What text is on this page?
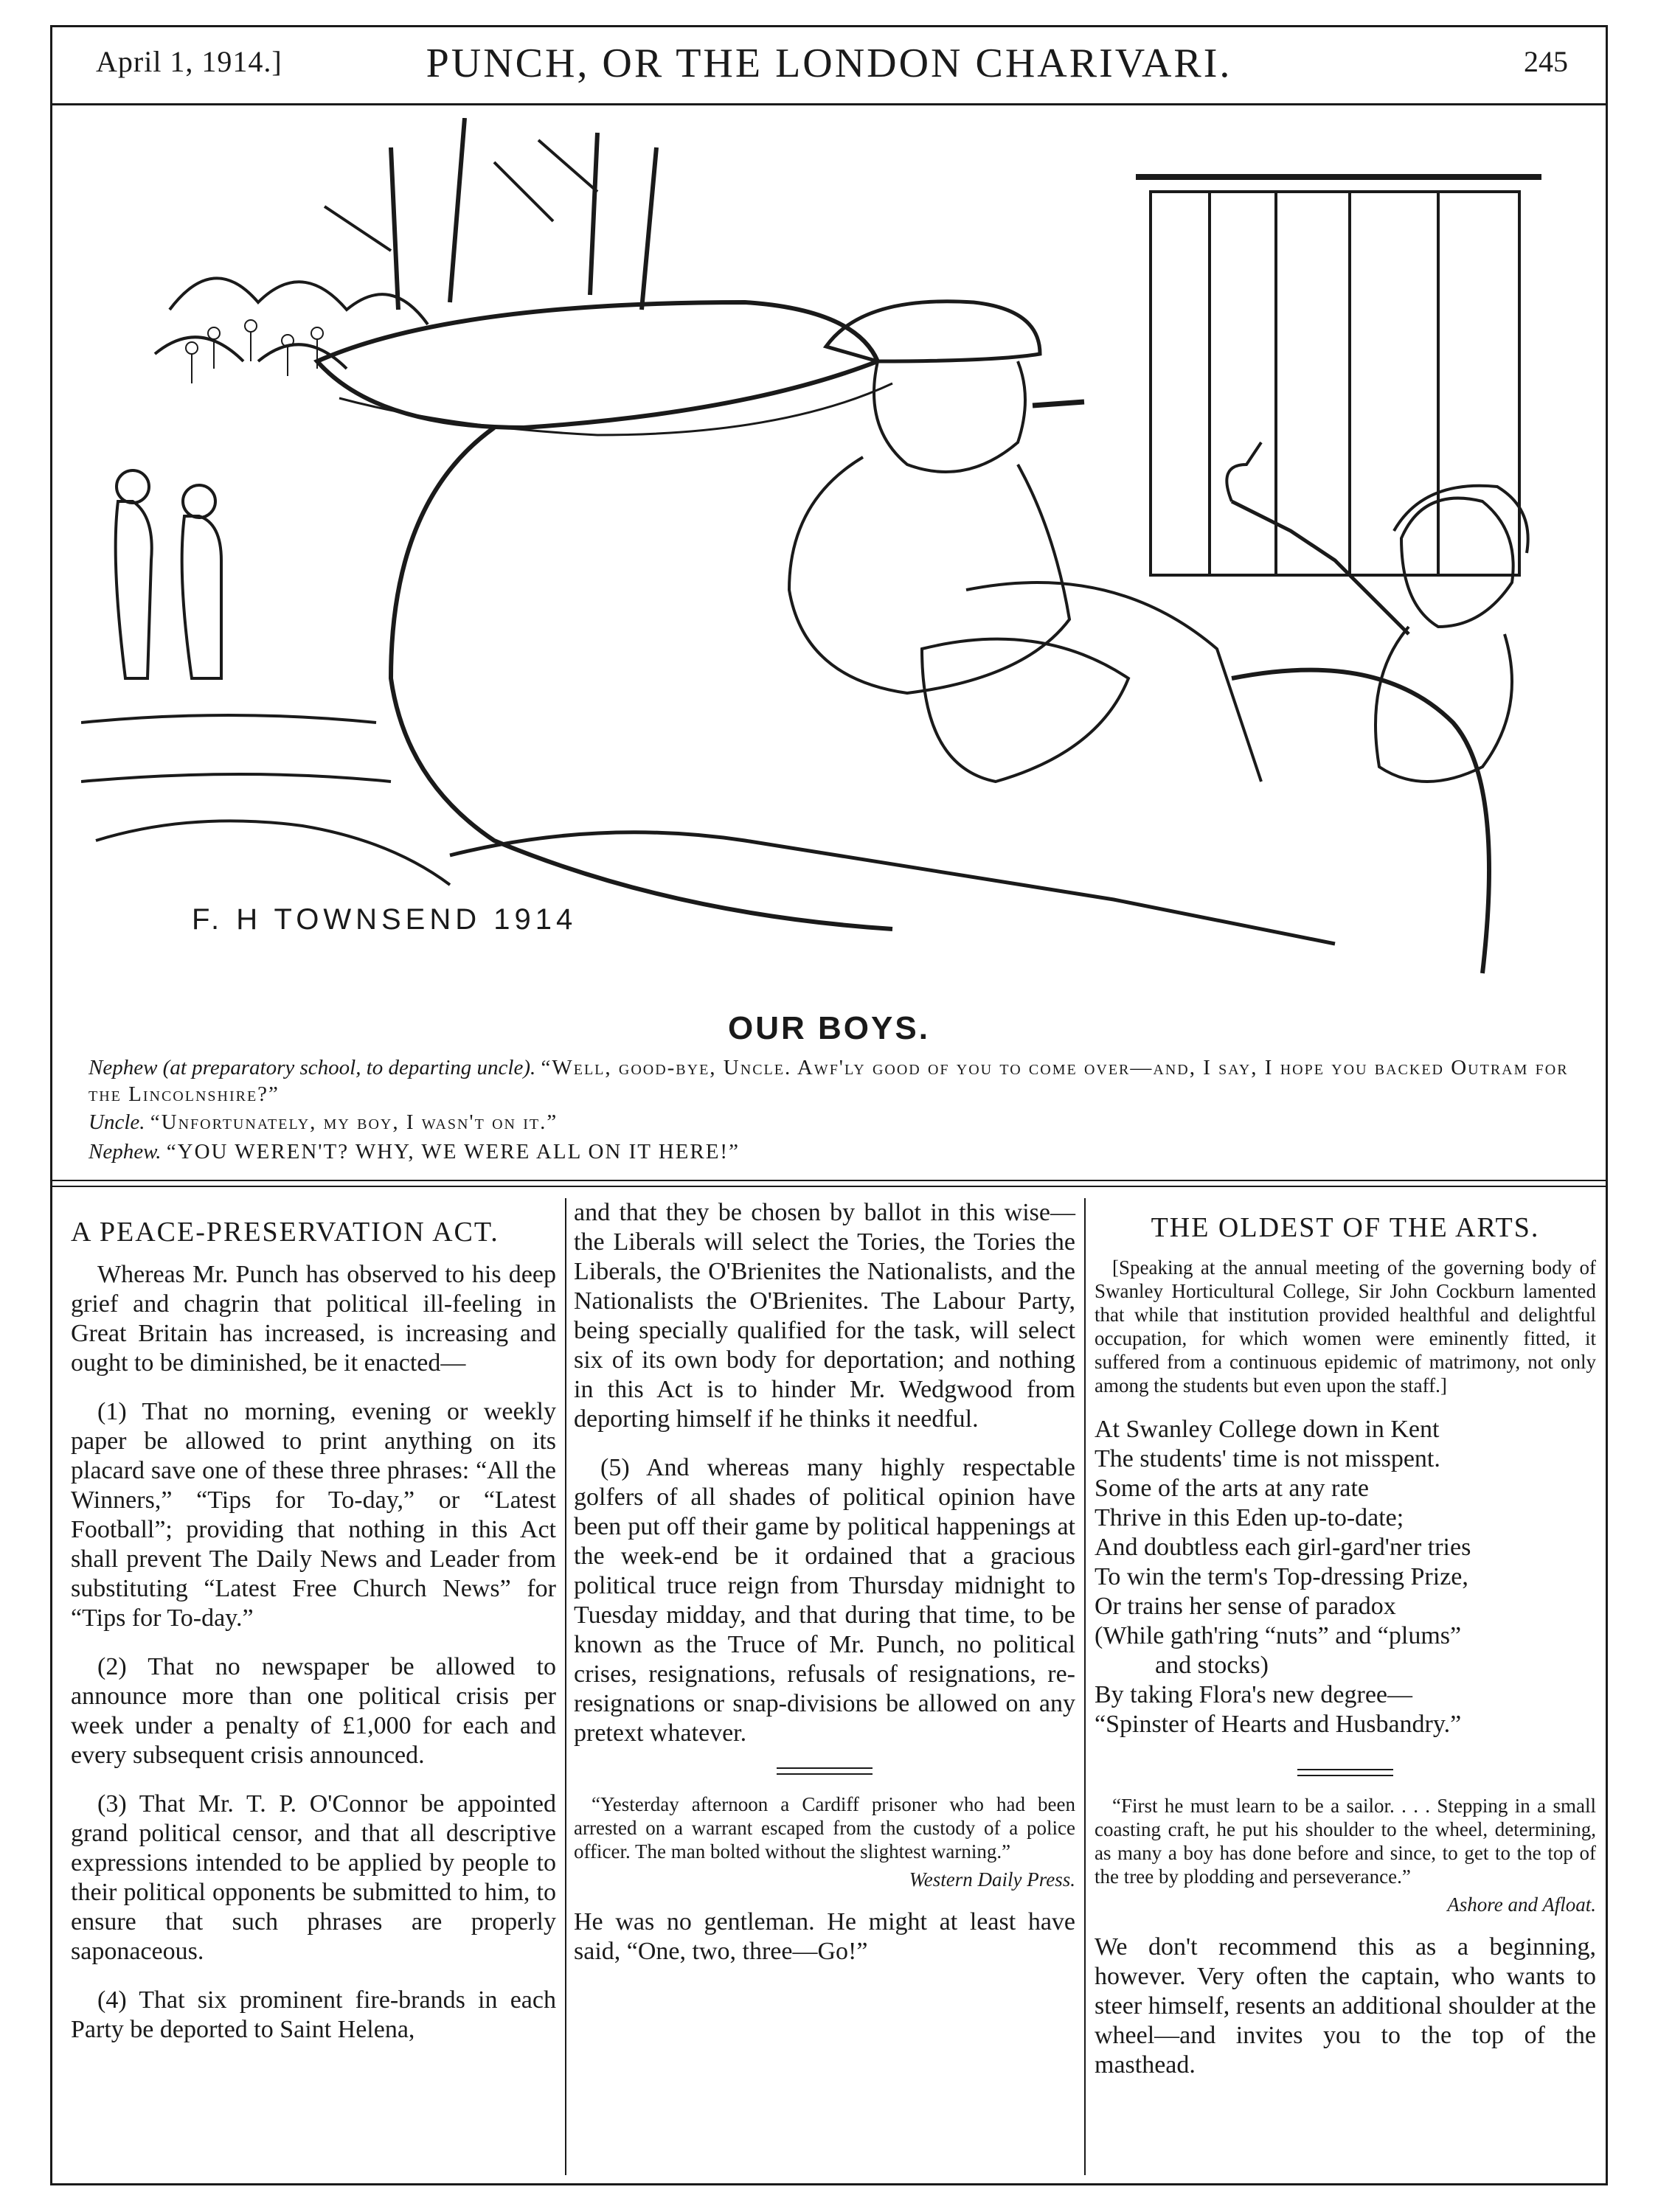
April 1, 1914.]	PUNCH, OR THE LONDON CHARIVARI.	245
F. H TOWNSEND 1914
OUR BOYS.
Nephew (at preparatory school, to departing uncle). “Well, good-bye, Uncle. Awf'ly good of you to come over—and, I say, I hope you backed Outram for the Lincolnshire?”
Uncle. “Unfortunately, my boy, I wasn't on it.”
Nephew. “YOU WEREN'T? WHY, WE WERE ALL ON IT HERE!”
A PEACE-PRESERVATION ACT.

Whereas Mr. Punch has observed to his deep grief and chagrin that political ill-feeling in Great Britain has increased, is increasing and ought to be diminished, be it enacted—

(1) That no morning, evening or weekly paper be allowed to print anything on its placard save one of these three phrases: “All the Winners,” “Tips for To-day,” or “Latest Football”; providing that nothing in this Act shall prevent The Daily News and Leader from substituting “Latest Free Church News” for “Tips for To-day.”

(2) That no newspaper be allowed to announce more than one political crisis per week under a penalty of £1,000 for each and every subsequent crisis announced.

(3) That Mr. T. P. O'Connor be appointed grand political censor, and that all descriptive expressions intended to be applied by people to their political opponents be submitted to him, to ensure that such phrases are properly saponaceous.

(4) That six prominent fire-brands in each Party be deported to Saint Helena,

and that they be chosen by ballot in this wise—the Liberals will select the Tories, the Tories the Liberals, the O'Brienites the Nationalists, and the Nationalists the O'Brienites. The Labour Party, being specially qualified for the task, will select six of its own body for deportation; and nothing in this Act is to hinder Mr. Wedgwood from deporting himself if he thinks it needful.

(5) And whereas many highly respectable golfers of all shades of political opinion have been put off their game by political happenings at the week-end be it ordained that a gracious political truce reign from Thursday midnight to Tuesday midday, and that during that time, to be known as the Truce of Mr. Punch, no political crises, resignations, refusals of resignations, re-resignations or snap-divisions be allowed on any pretext whatever.

“Yesterday afternoon a Cardiff prisoner who had been arrested on a warrant escaped from the custody of a police officer. The man bolted without the slightest warning.”

Western Daily Press.

He was no gentleman. He might at least have said, “One, two, three—Go!”

THE OLDEST OF THE ARTS.

[Speaking at the annual meeting of the governing body of Swanley Horticultural College, Sir John Cockburn lamented that while that institution provided healthful and delightful occupation, for which women were eminently fitted, it suffered from a continuous epidemic of matrimony, not only among the students but even upon the staff.]

At Swanley College down in Kent
The students' time is not misspent.
Some of the arts at any rate
Thrive in this Eden up-to-date;
And doubtless each girl-gard'ner tries
To win the term's Top-dressing Prize,
Or trains her sense of paradox
(While gath'ring “nuts” and “plums”
and stocks)
By taking Flora's new degree—
“Spinster of Hearts and Husbandry.”

“First he must learn to be a sailor. . . . Stepping in a small coasting craft, he put his shoulder to the wheel, determining, as many a boy has done before and since, to get to the top of the tree by plodding and perseverance.”

Ashore and Afloat.

We don't recommend this as a beginning, however. Very often the captain, who wants to steer himself, resents an additional shoulder at the wheel—and invites you to the top of the masthead.
